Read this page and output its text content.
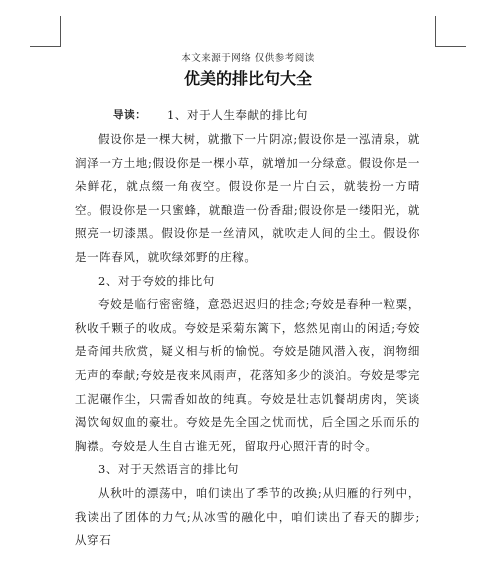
本文来源于网络 仅供参考阅读
优美的排比句大全
导读： 1、对于人生奉献的排比句

假设你是一棵大树，就撒下一片阴凉;假设你是一泓清泉，就润泽一方土地;假设你是一棵小草，就增加一分绿意。假设你是一朵鲜花，就点缀一角夜空。假设你是一片白云，就装扮一方晴空。假设你是一只蜜蜂，就酿造一份香甜;假设你是一缕阳光，就照亮一切漆黑。假设你是一丝清风，就吹走人间的尘土。假设你是一阵春风，就吹绿郊野的庄稼。

2、对于夸姣的排比句

夸姣是临行密密缝，意恐迟迟归的挂念;夸姣是春种一粒粟，秋收千颗子的收成。夸姣是采菊东篱下，悠然见南山的闲适;夸姣是奇闻共欣赏，疑义相与析的愉悦。夸姣是随风潜入夜，润物细无声的奉献;夸姣是夜来风雨声，花落知多少的淡泊。夸姣是零完工泥碾作尘，只需香如故的纯真。夸姣是壮志饥餐胡虏肉，笑谈渴饮匈奴血的豪壮。夸姣是先全国之忧而忧，后全国之乐而乐的胸襟。夸姣是人生自古谁无死，留取丹心照汗青的时令。

3、对于天然语言的排比句

从秋叶的漂荡中，咱们读出了季节的改换;从归雁的行列中，我读出了团体的力气;从冰雪的融化中，咱们读出了春天的脚步;从穿石
